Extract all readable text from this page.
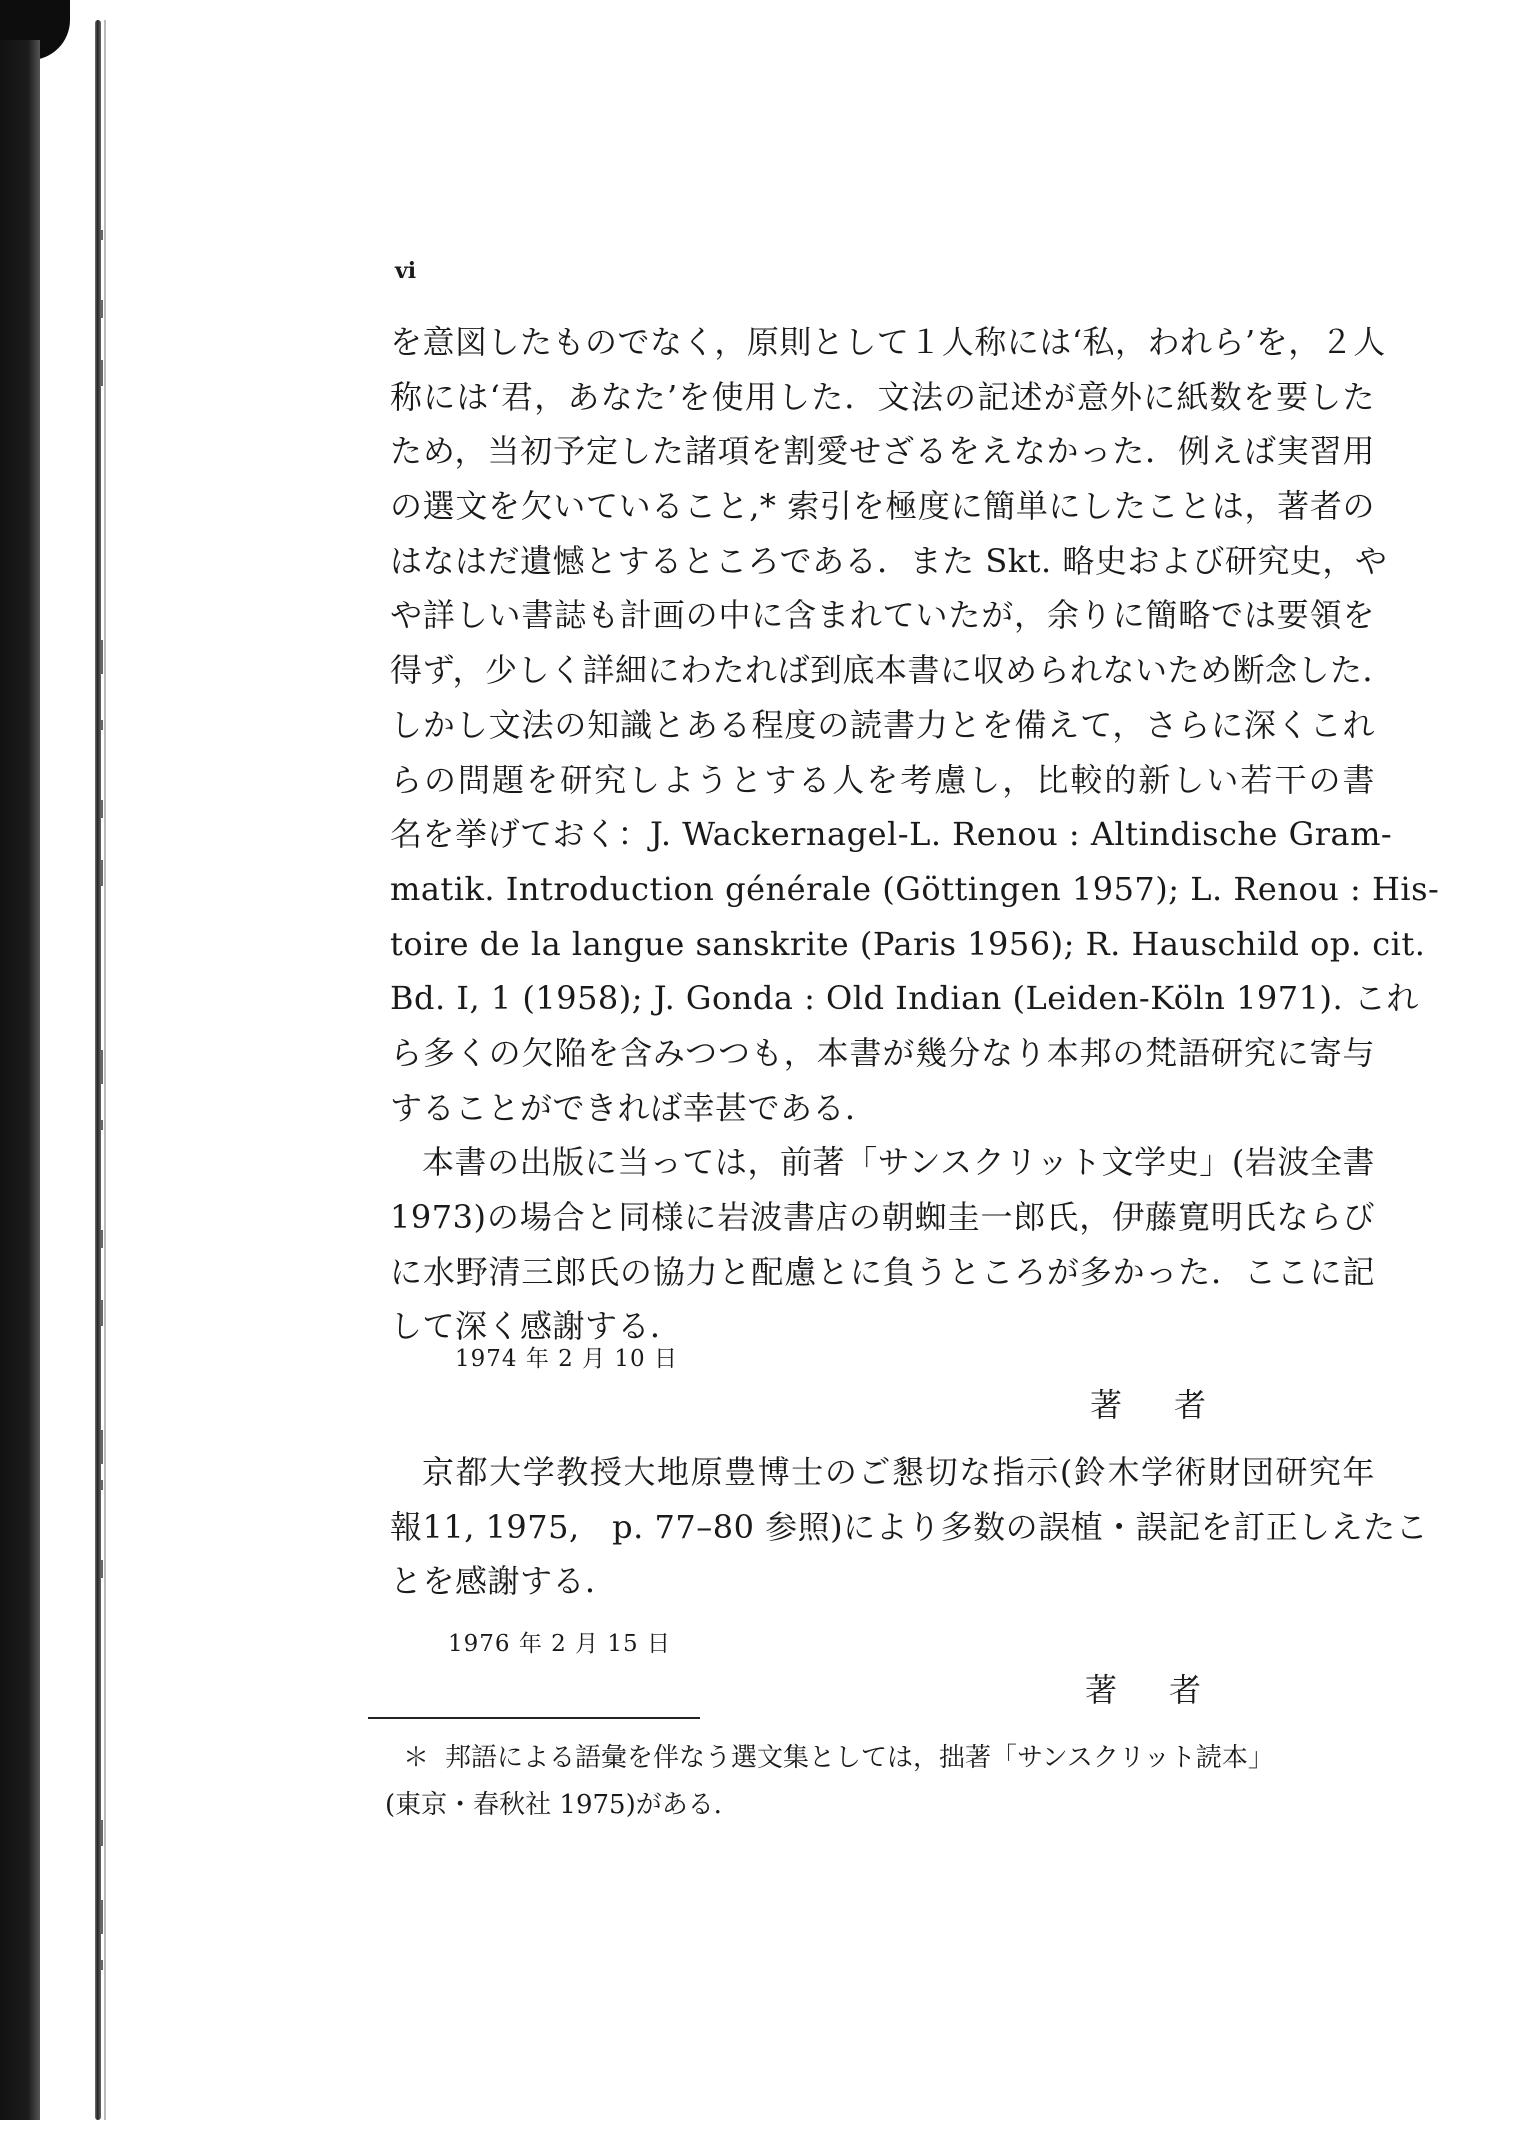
vi
を意図したものでなく，原則として１人称には‘私，われら’を，２人
称には‘君，あなた’を使用した．文法の記述が意外に紙数を要した
ため，当初予定した諸項を割愛せざるをえなかった．例えば実習用
の選文を欠いていること,* 索引を極度に簡単にしたことは，著者の
はなはだ遺憾とするところである．また Skt. 略史および研究史，や
や詳しい書誌も計画の中に含まれていたが，余りに簡略では要領を
得ず，少しく詳細にわたれば到底本書に収められないため断念した．
しかし文法の知識とある程度の読書力とを備えて，さらに深くこれ
らの問題を研究しようとする人を考慮し，比較的新しい若干の書
名を挙げておく：J. Wackernagel-L. Renou : Altindische Gram-
matik. Introduction générale (Göttingen 1957); L. Renou : His-
toire de la langue sanskrite (Paris 1956); R. Hauschild op. cit.
Bd. I, 1 (1958); J. Gonda : Old Indian (Leiden-Köln 1971). これ
ら多くの欠陥を含みつつも，本書が幾分なり本邦の梵語研究に寄与
することができれば幸甚である．
本書の出版に当っては，前著「サンスクリット文学史」(岩波全書
1973)の場合と同様に岩波書店の朝蜘圭一郎氏，伊藤寛明氏ならび
に水野清三郎氏の協力と配慮とに負うところが多かった．ここに記
して深く感謝する．
1974 年 2 月 10 日
著者
京都大学教授大地原豊博士のご懇切な指示(鈴木学術財団研究年
報11, 1975,　p. 77–80 参照)により多数の誤植・誤記を訂正しえたこ
とを感謝する．
1976 年 2 月 15 日
著者
＊ 邦語による語彙を伴なう選文集としては，拙著「サンスクリット読本」
(東京・春秋社 1975)がある．
